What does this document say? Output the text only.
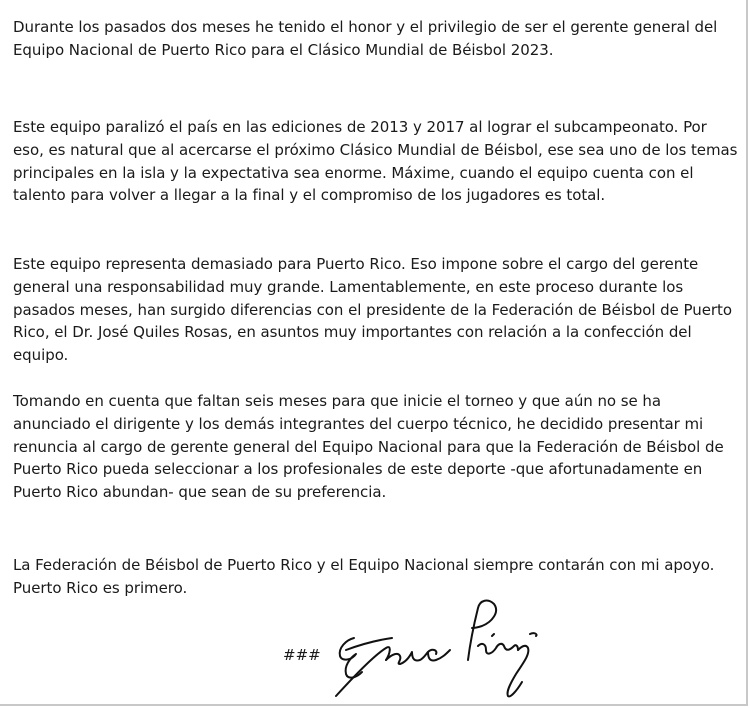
Durante los pasados dos meses he tenido el honor y el privilegio de ser el gerente general del Equipo Nacional de Puerto Rico para el Clásico Mundial de Béisbol 2023.

Este equipo paralizó el país en las ediciones de 2013 y 2017 al lograr el subcampeonato. Por eso, es natural que al acercarse el próximo Clásico Mundial de Béisbol, ese sea uno de los temas principales en la isla y la expectativa sea enorme. Máxime, cuando el equipo cuenta con el talento para volver a llegar a la final y el compromiso de los jugadores es total.

Este equipo representa demasiado para Puerto Rico. Eso impone sobre el cargo del gerente general una responsabilidad muy grande. Lamentablemente, en este proceso durante los pasados meses, han surgido diferencias con el presidente de la Federación de Béisbol de Puerto Rico, el Dr. José Quiles Rosas, en asuntos muy importantes con relación a la confección del equipo.

Tomando en cuenta que faltan seis meses para que inicie el torneo y que aún no se ha anunciado el dirigente y los demás integrantes del cuerpo técnico, he decidido presentar mi renuncia al cargo de gerente general del Equipo Nacional para que la Federación de Béisbol de Puerto Rico pueda seleccionar a los profesionales de este deporte -que afortunadamente en Puerto Rico abundan- que sean de su preferencia.

La Federación de Béisbol de Puerto Rico y el Equipo Nacional siempre contarán con mi apoyo. Puerto Rico es primero.

###
